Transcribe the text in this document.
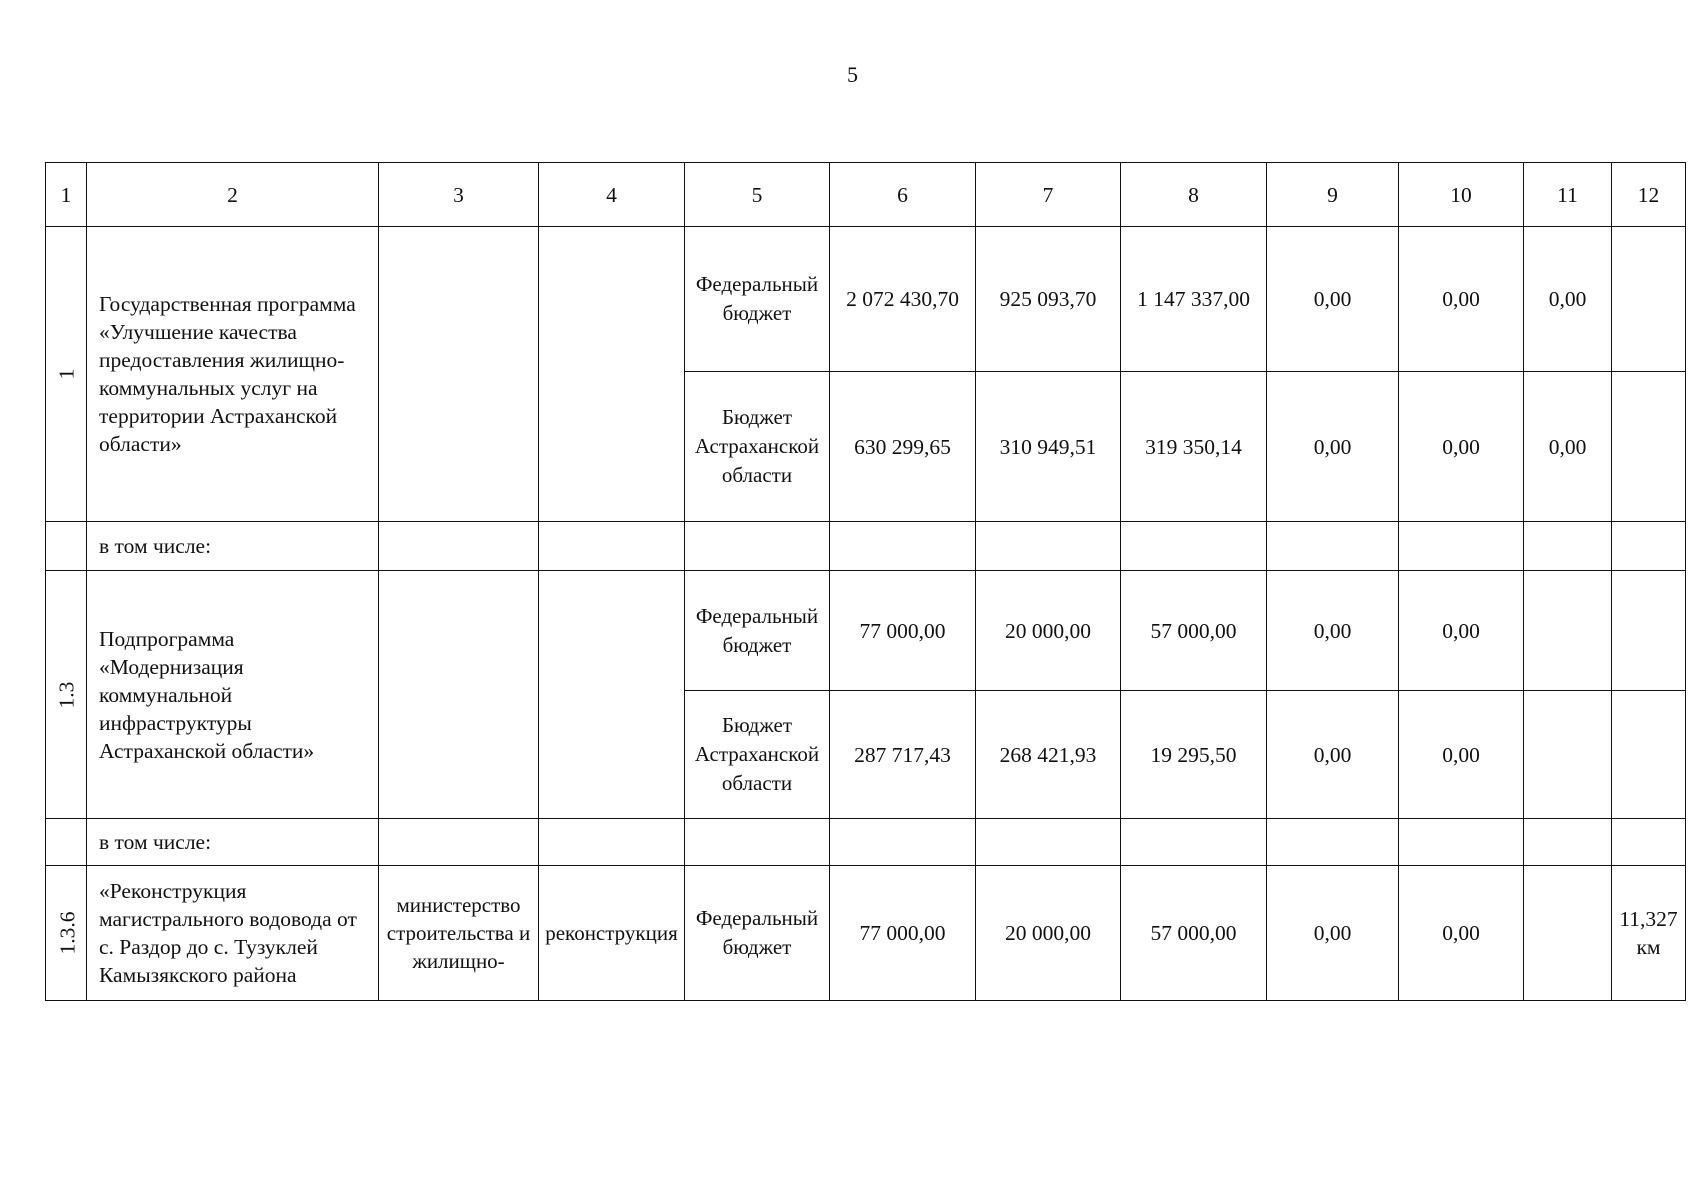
5
1	2	3	4	5	6	7	8	9	10	11	12
1	Государственная программа «Улучшение качества предоставления жилищно-коммунальных услуг на территории Астраханской области»			Федеральный бюджет	2 072 430,70	925 093,70	1 147 337,00	0,00	0,00	0,00	
				Бюджет Астраханской области	630 299,65	310 949,51	319 350,14	0,00	0,00	0,00	
	в том числе:										
1.3	Подпрограмма «Модернизация коммунальной инфраструктуры Астраханской области»			Федеральный бюджет	77 000,00	20 000,00	57 000,00	0,00	0,00		
				Бюджет Астраханской области	287 717,43	268 421,93	19 295,50	0,00	0,00		
	в том числе:										
1.3.6	«Реконструкция магистрального водовода от с. Раздор до с. Тузуклей Камызякского района	министерство строительства и жилищно-	реконструкция	Федеральный бюджет	77 000,00	20 000,00	57 000,00	0,00	0,00		11,327 км
